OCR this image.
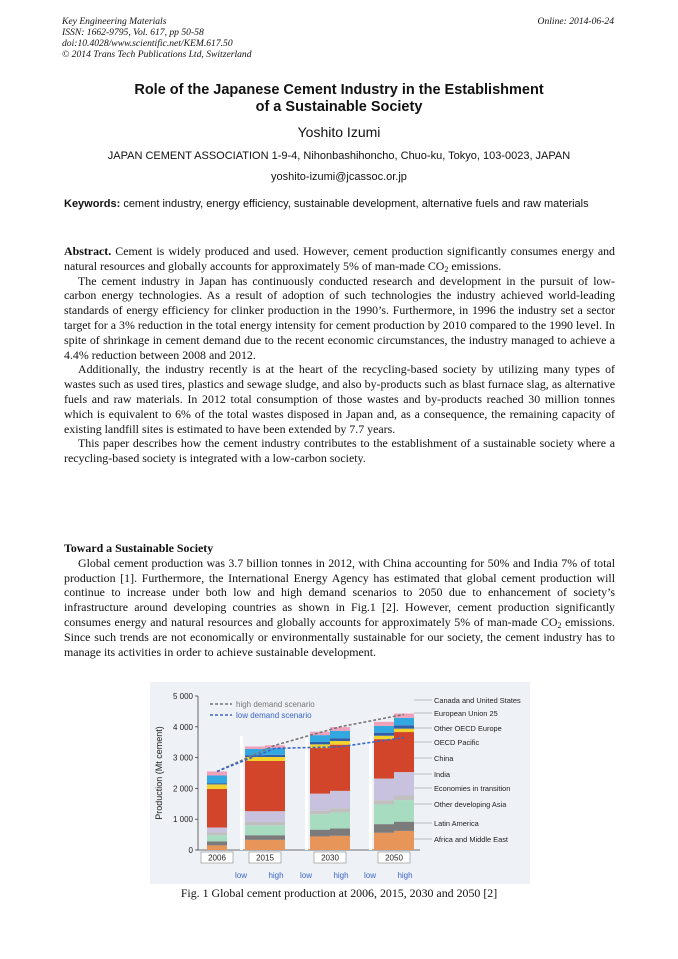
Key Engineering Materials
ISSN: 1662-9795, Vol. 617, pp 50-58
doi:10.4028/www.scientific.net/KEM.617.50
© 2014 Trans Tech Publications Ltd, Switzerland
Online: 2014-06-24
Role of the Japanese Cement Industry in the Establishment
of a Sustainable Society
Yoshito Izumi
JAPAN CEMENT ASSOCIATION 1-9-4, Nihonbashihoncho, Chuo-ku, Tokyo, 103-0023, JAPAN
yoshito-izumi@jcassoc.or.jp
Keywords: cement industry, energy efficiency, sustainable development, alternative fuels and raw materials

Abstract. Cement is widely produced and used. However, cement production significantly consumes energy and natural resources and globally accounts for approximately 5% of man-made $CO_2$ emissions.

The cement industry in Japan has continuously conducted research and development in the pursuit of low-carbon energy technologies. As a result of adoption of such technologies the industry achieved world-leading standards of energy efficiency for clinker production in the 1990’s. Furthermore, in 1996 the industry set a sector target for a 3% reduction in the total energy intensity for cement production by 2010 compared to the 1990 level. In spite of shrinkage in cement demand due to the recent economic circumstances, the industry managed to achieve a 4.4% reduction between 2008 and 2012.

Additionally, the industry recently is at the heart of the recycling-based society by utilizing many types of wastes such as used tires, plastics and sewage sludge, and also by-products such as blast furnace slag, as alternative fuels and raw materials. In 2012 total consumption of those wastes and by-products reached 30 million tonnes which is equivalent to 6% of the total wastes disposed in Japan and, as a consequence, the remaining capacity of existing landfill sites is estimated to have been extended by 7.7 years.

This paper describes how the cement industry contributes to the establishment of a sustainable society where a recycling-based society is integrated with a low-carbon society.

Toward a Sustainable Society

Global cement production was 3.7 billion tonnes in 2012, with China accounting for 50% and India 7% of total production [1]. Furthermore, the International Energy Agency has estimated that global cement production will continue to increase under both low and high demand scenarios to 2050 due to enhancement of society’s infrastructure around developing countries as shown in Fig.1 [2]. However, cement production significantly consumes energy and natural resources and globally accounts for approximately 5% of man-made $CO_2$ emissions. Since such trends are not economically or environmentally sustainable for our society, the cement industry has to manage its activities in order to achieve sustainable development.

0
1 000
2 000
3 000
4 000
5 000
Production (Mt cement)
high demand scenario
low demand scenario
2006	2015	2030	2050
low	high low	high low	high
Canada and United States
European Union 25
Other OECD Europe
OECD Pacific
China
India
Economies in transition
Other developing Asia
Latin America
Africa and Middle East
Fig. 1 Global cement production at 2006, 2015, 2030 and 2050 [2]
